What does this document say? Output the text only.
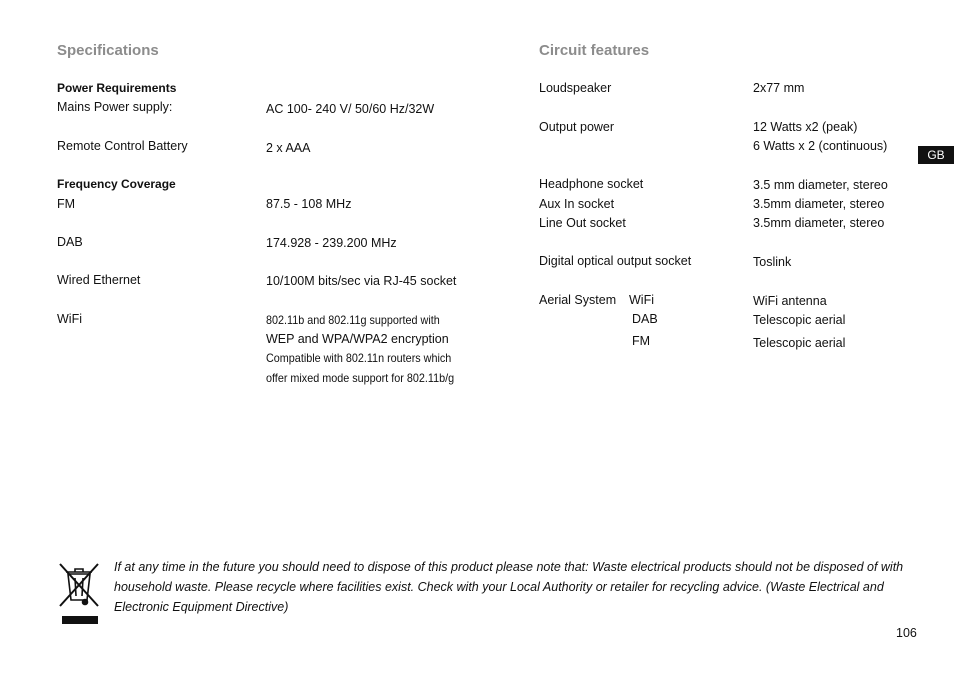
Specifications
Power Requirements
Mains Power supply:	AC 100- 240 V/ 50/60 Hz/32W
Remote Control Battery	2 x AAA
Frequency Coverage
FM	87.5 - 108 MHz
DAB	174.928 - 239.200 MHz
Wired Ethernet	10/100M bits/sec via RJ-45 socket
WiFi	802.11b and 802.11g supported with
WEP and WPA/WPA2 encryption
Compatible with 802.11n routers which
offer mixed mode support for 802.11b/g
Circuit features
Loudspeaker	2x77 mm
Output power	12 Watts x2 (peak)
6 Watts x 2 (continuous)
Headphone socket	3.5 mm diameter, stereo
Aux In socket	3.5mm diameter, stereo
Line Out socket	3.5mm diameter, stereo
Digital optical output socket	Toslink
Aerial System WiFi	WiFi antenna
DAB	Telescopic aerial
FM	Telescopic aerial
GB
If at any time in the future you should need to dispose of this product please note that: Waste electrical products should not be disposed of with household waste. Please recycle where facilities exist. Check with your Local Authority or retailer for recycling advice. (Waste Electrical and Electronic Equipment Directive)
106
